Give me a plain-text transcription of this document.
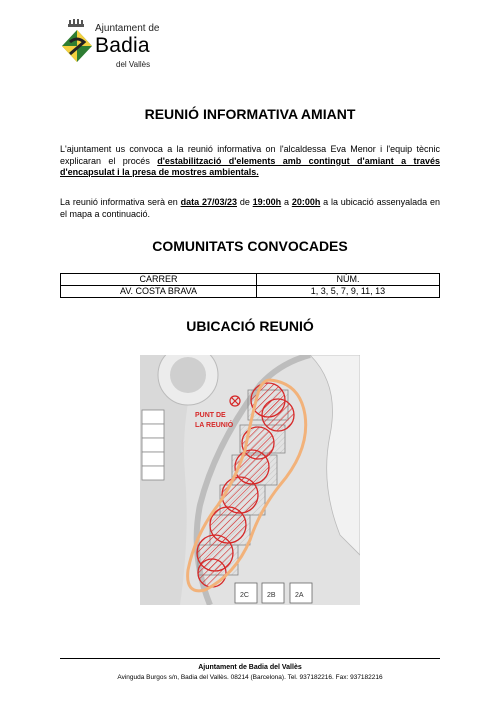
Ajuntament de
Badia
del Vallès
REUNIÓ INFORMATIVA AMIANT
L'ajuntament us convoca a la reunió informativa on l'alcaldessa Eva Menor i l'equip tècnic explicaran el procés d'estabilització d'elements amb contingut d'amiant a través d'encapsulat i la presa de mostres ambientals.
La reunió informativa serà en data 27/03/23 de 19:00h a 20:00h a la ubicació assenyalada en el mapa a continuació.
COMUNITATS CONVOCADES
CARRER	NÚM.
AV. COSTA BRAVA	1, 3, 5, 7, 9, 11, 13
UBICACIÓ REUNIÓ
PUNT DE
LA REUNIÓ
2C	2B	2A
Ajuntament de Badia del Vallès
Avinguda Burgos s/n, Badia del Vallès. 08214 (Barcelona). Tel. 937182216. Fax: 937182216
